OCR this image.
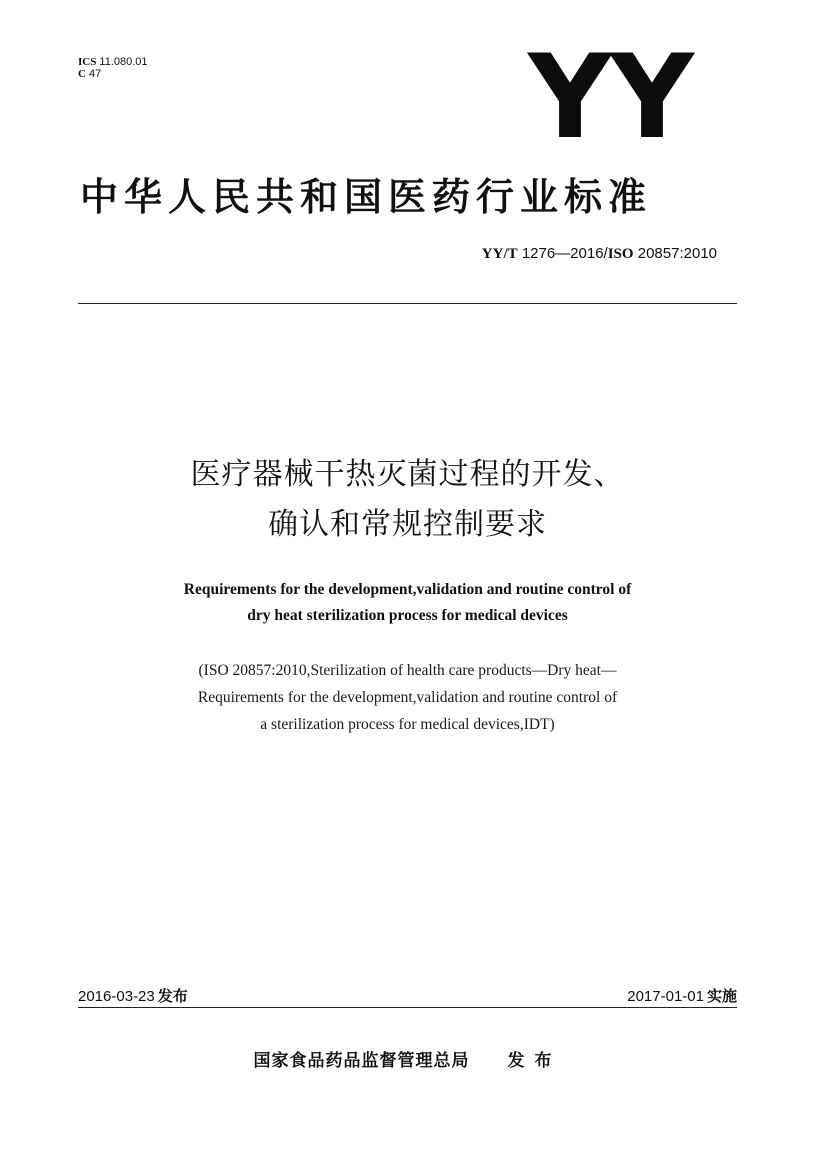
ICS 11.080.01
C 47	YY
中华人民共和国医药行业标准
YY/T 1276—2016/ISO 20857:2010
医疗器械干热灭菌过程的开发、
确认和常规控制要求
Requirements for the development,validation and routine control of
dry heat sterilization process for medical devices
(ISO 20857:2010,Sterilization of health care products—Dry heat—
Requirements for the development,validation and routine control of
a sterilization process for medical devices,IDT)
2016-03-23 发布	2017-01-01 实施
国家食品药品监督管理总局 发布
